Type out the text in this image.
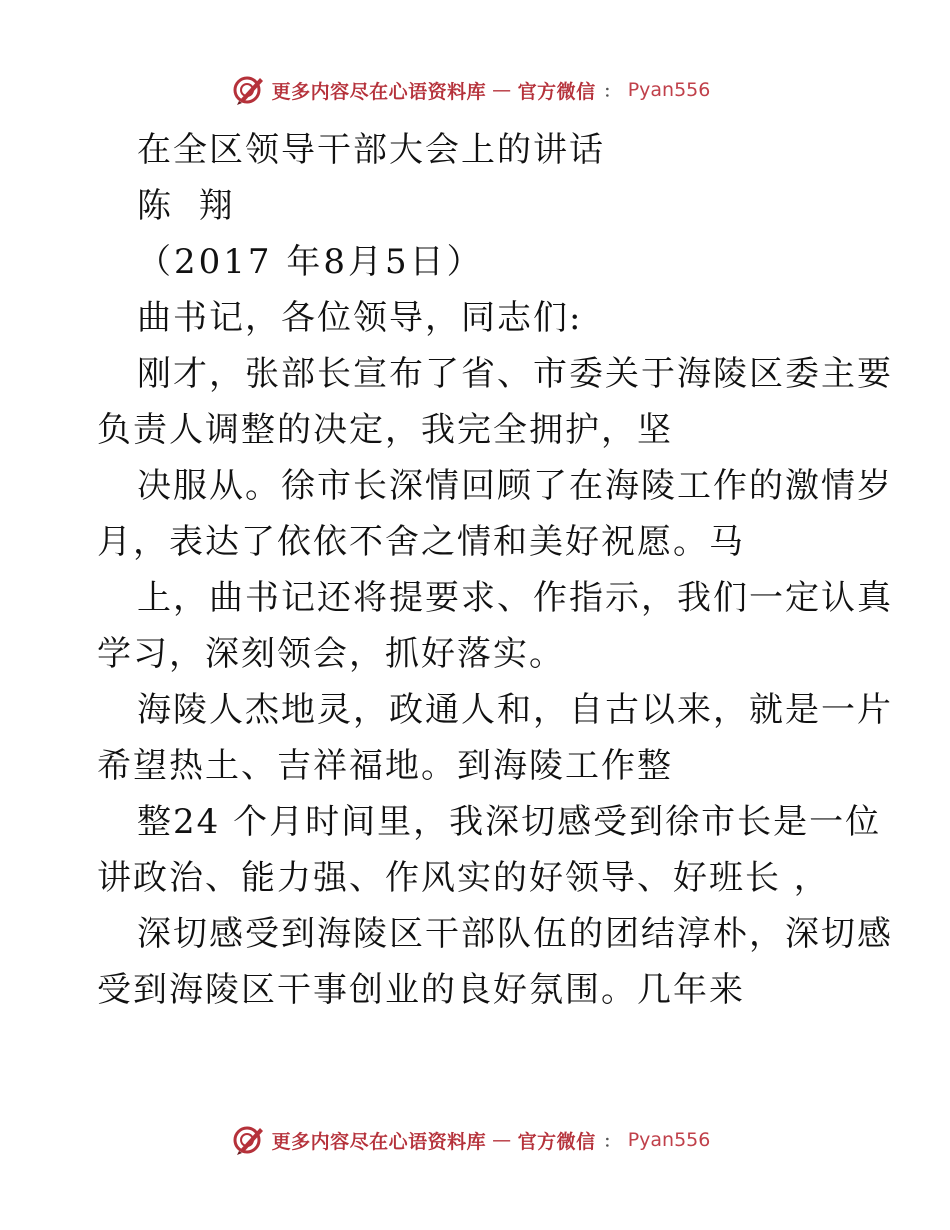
更多内容尽在心语资料库 — 官方微信 ： Pyan556
在全区领导干部大会上的讲话
陈  翔
（2017 年8月5日）
曲书记，各位领导，同志们:
刚才，张部长宣布了省、市委关于海陵区委主要
负责人调整的决定，我完全拥护，坚
决服从。徐市长深情回顾了在海陵工作的激情岁
月，表达了依依不舍之情和美好祝愿。马
上，曲书记还将提要求、作指示，我们一定认真
学习，深刻领会，抓好落实。
海陵人杰地灵，政通人和，自古以来，就是一片
希望热土、吉祥福地。到海陵工作整
整24 个月时间里，我深切感受到徐市长是一位
讲政治、能力强、作风实的好领导、好班长 ，
深切感受到海陵区干部队伍的团结淳朴，深切感
受到海陵区干事创业的良好氛围。几年来
更多内容尽在心语资料库 — 官方微信 ： Pyan556
